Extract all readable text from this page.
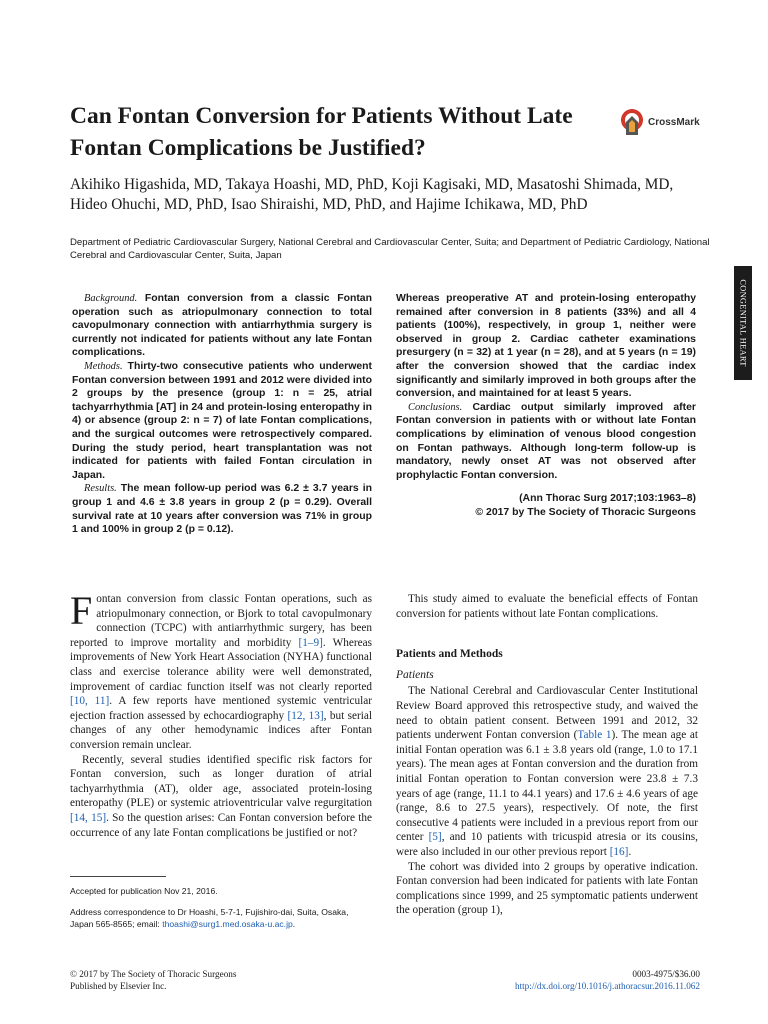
Can Fontan Conversion for Patients Without Late Fontan Complications be Justified?
CrossMark

Akihiko Higashida, MD, Takaya Hoashi, MD, PhD, Koji Kagisaki, MD, Masatoshi Shimada, MD, Hideo Ohuchi, MD, PhD, Isao Shiraishi, MD, PhD, and Hajime Ichikawa, MD, PhD

Department of Pediatric Cardiovascular Surgery, National Cerebral and Cardiovascular Center, Suita; and Department of Pediatric Cardiology, National Cerebral and Cardiovascular Center, Suita, Japan

CONGENITAL HEART

Background. Fontan conversion from a classic Fontan operation such as atriopulmonary connection to total cavopulmonary connection with antiarrhythmia surgery is currently not indicated for patients without any late Fontan complications.

Methods. Thirty-two consecutive patients who underwent Fontan conversion between 1991 and 2012 were divided into 2 groups by the presence (group 1: n = 25, atrial tachyarrhythmia [AT] in 24 and protein-losing enteropathy in 4) or absence (group 2: n = 7) of late Fontan complications, and the surgical outcomes were retrospectively compared. During the study period, heart transplantation was not indicated for patients with failed Fontan circulation in Japan.

Results. The mean follow-up period was 6.2 ± 3.7 years in group 1 and 4.6 ± 3.8 years in group 2 (p = 0.29). Overall survival rate at 10 years after conversion was 71% in group 1 and 100% in group 2 (p = 0.12).

Whereas preoperative AT and protein-losing enteropathy remained after conversion in 8 patients (33%) and all 4 patients (100%), respectively, in group 1, neither were observed in group 2. Cardiac catheter examinations presurgery (n = 32) at 1 year (n = 28), and at 5 years (n = 19) after the conversion showed that the cardiac index significantly and similarly improved in both groups after the conversion, and maintained for at least 5 years.

Conclusions. Cardiac output similarly improved after Fontan conversion in patients with or without late Fontan complications by elimination of venous blood congestion on Fontan pathways. Although long-term follow-up is mandatory, newly onset AT was not observed after prophylactic Fontan conversion.

(Ann Thorac Surg 2017;103:1963–8)
© 2017 by The Society of Thoracic Surgeons

Fontan conversion from classic Fontan operations, such as atriopulmonary connection, or Bjork to total cavopulmonary connection (TCPC) with antiarrhythmic surgery, has been reported to improve mortality and morbidity [1–9]. Whereas improvements of New York Heart Association (NYHA) functional class and exercise tolerance ability were well demonstrated, improvement of cardiac function itself was not clearly reported [10, 11]. A few reports have mentioned systemic ventricular ejection fraction assessed by echocardiography [12, 13], but serial changes of any other hemodynamic indices after Fontan conversion remain unclear.

Recently, several studies identified specific risk factors for Fontan conversion, such as longer duration of atrial tachyarrhythmia (AT), older age, associated protein-losing enteropathy (PLE) or systemic atrioventricular valve regurgitation [14, 15]. So the question arises: Can Fontan conversion before the occurrence of any late Fontan complications be justified or not?

Accepted for publication Nov 21, 2016.

Address correspondence to Dr Hoashi, 5-7-1, Fujishiro-dai, Suita, Osaka, Japan 565-8565; email: thoashi@surg1.med.osaka-u.ac.jp.

This study aimed to evaluate the beneficial effects of Fontan conversion for patients without late Fontan complications.

Patients and Methods
Patients

The National Cerebral and Cardiovascular Center Institutional Review Board approved this retrospective study, and waived the need to obtain patient consent. Between 1991 and 2012, 32 patients underwent Fontan conversion (Table 1). The mean age at initial Fontan operation was 6.1 ± 3.8 years old (range, 1.0 to 17.1 years). The mean ages at Fontan conversion and the duration from initial Fontan operation to Fontan conversion were 23.8 ± 7.3 years of age (range, 11.1 to 44.1 years) and 17.6 ± 4.6 years of age (range, 8.6 to 27.5 years), respectively. Of note, the first consecutive 4 patients were included in a previous report from our center [5], and 10 patients with tricuspid atresia or its cousins, were also included in our other previous report [16].

The cohort was divided into 2 groups by operative indication. Fontan conversion had been indicated for patients with late Fontan complications since 1999, and 25 symptomatic patients underwent the operation (group 1),

© 2017 by The Society of Thoracic Surgeons
Published by Elsevier Inc.
0003-4975/$36.00
http://dx.doi.org/10.1016/j.athoracsur.2016.11.062
